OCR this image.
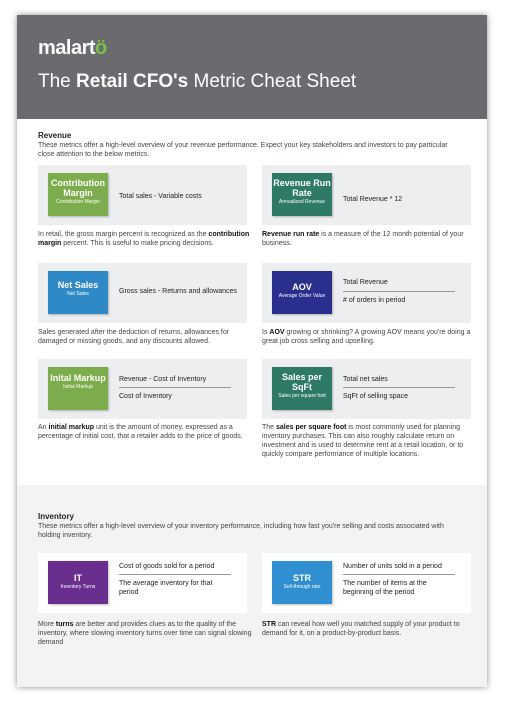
malartö
The Retail CFO's Metric Cheat Sheet
Revenue
These metrics offer a high-level overview of your revenue performance. Expect your key stakeholders and investors to pay particular close attention to the below metrics.
Contribution Margin
Contribution Margin
Total sales - Variable costs
In retail, the gross margin percent is recognized as the contribution margin percent. This is useful to make pricing decisions.
Revenue Run Rate
Annualized Revenue	Total Revenue * 12
Revenue run rate is a measure of the 12 month potential of your business.
Net Sales
Net Sales	Gross sales - Returns and allowances
Sales generated after the deduction of returns, allowances for damaged or missing goods, and any discounts allowed.
AOV
Average Order Value
Total Revenue
# of orders in period
Is AOV growing or shrinking? A growing AOV means you're doing a great job cross selling and upselling.
Inital Markup
Initial Markup
Revenue - Cost of Inventory
Cost of Inventory
An initial markup unit is the amount of money, expressed as a percentage of initial cost, that a retailer adds to the price of goods.
Sales per SqFt
Sales per square foot
Total net sales
SqFt of selling space
The sales per square foot is most commonly used for planning inventory purchases. This can also roughly calculate return on investment and is used to determine rent at a retail location, or to quickly compare performance of multiple locations.
Inventory
These metrics offer a high-level overview of your inventory performance, including how fast you're selling and costs associated with holding inventory.
IT
Inventory Turns
Cost of goods sold for a period
The average inventory for that period
More turns are better and provides clues as to the quality of the inventory, where slowing inventory turns over time can signal slowing demand
STR
Sell-through rate
Number of units sold in a period
The number of items at the beginning of the period
STR can reveal how well you matched supply of your product to demand for it, on a product-by-product basis.
